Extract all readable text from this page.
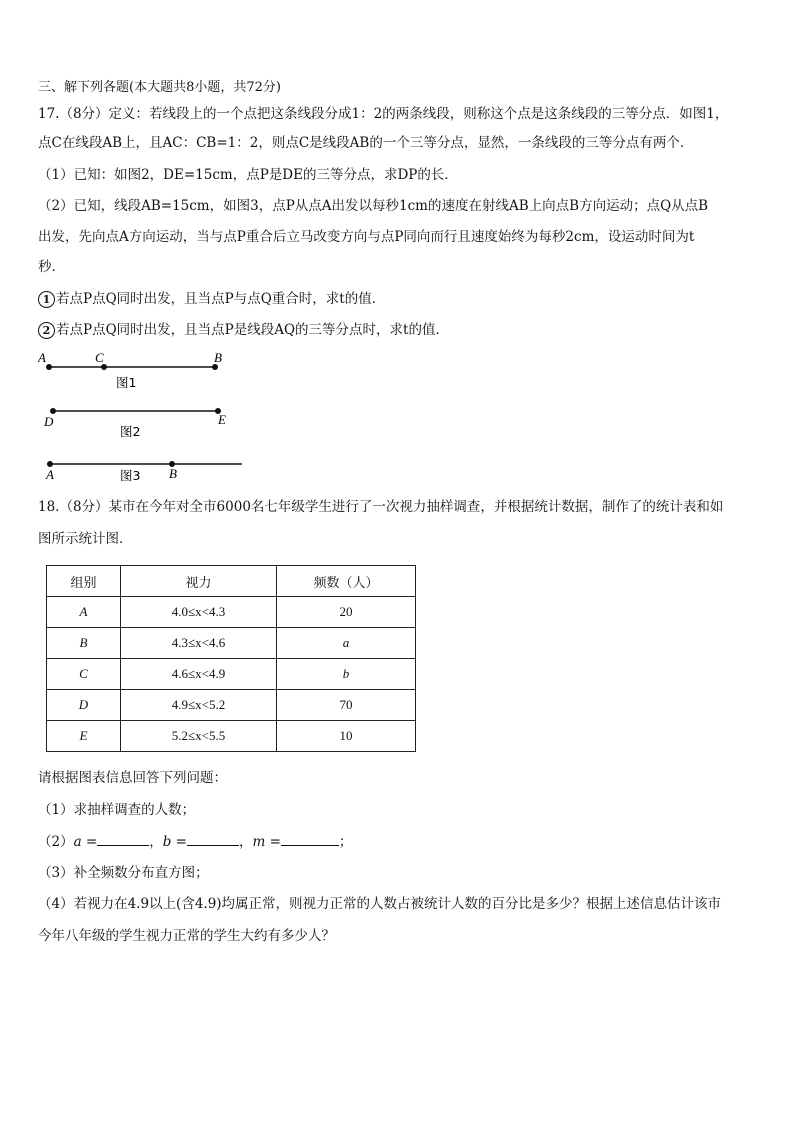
三、解下列各题(本大题共8小题，共72分)
17.（8分）定义：若线段上的一个点把这条线段分成1：2的两条线段，则称这个点是这条线段的三等分点．如图1，
点C在线段AB上，且AC：CB=1：2，则点C是线段AB的一个三等分点，显然，一条线段的三等分点有两个．
（1）已知：如图2，DE=15cm，点P是DE的三等分点，求DP的长．
（2）已知，线段AB=15cm，如图3，点P从点A出发以每秒1cm的速度在射线AB上向点B方向运动；点Q从点B
出发，先向点A方向运动，当与点P重合后立马改变方向与点P同向而行且速度始终为每秒2cm，设运动时间为t
秒．
1 若点P点Q同时出发，且当点P与点Q重合时，求t的值．
2 若点P点Q同时出发，且当点P是线段AQ的三等分点时，求t的值．
A	C	B
图1
D	E
图2
A	B
图3
18.（8分）某市在今年对全市6000名七年级学生进行了一次视力抽样调查，并根据统计数据，制作了的统计表和如
图所示统计图．
组别	视力	频数（人）
A	4.0≤x<4.3	20
B	4.3≤x<4.6	a
C	4.6≤x<4.9	b
D	4.9≤x<5.2	70
E	5.2≤x<5.5	10
请根据图表信息回答下列问题：
（1）求抽样调查的人数；
（2）a =	，b =	，m =	；
（3）补全频数分布直方图；
（4）若视力在4.9以上(含4.9)均属正常，则视力正常的人数占被统计人数的百分比是多少？根据上述信息估计该市
今年八年级的学生视力正常的学生大约有多少人？
